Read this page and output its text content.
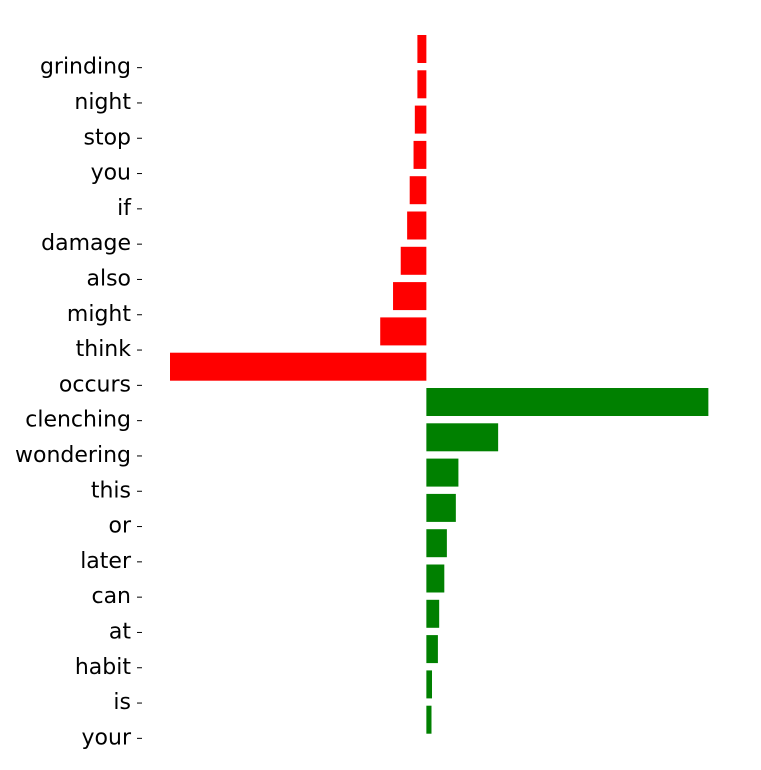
grinding
night
stop
you
if
damage
also
might
think
occurs
clenching
wondering
this
or
later
can
at
habit
is
your
